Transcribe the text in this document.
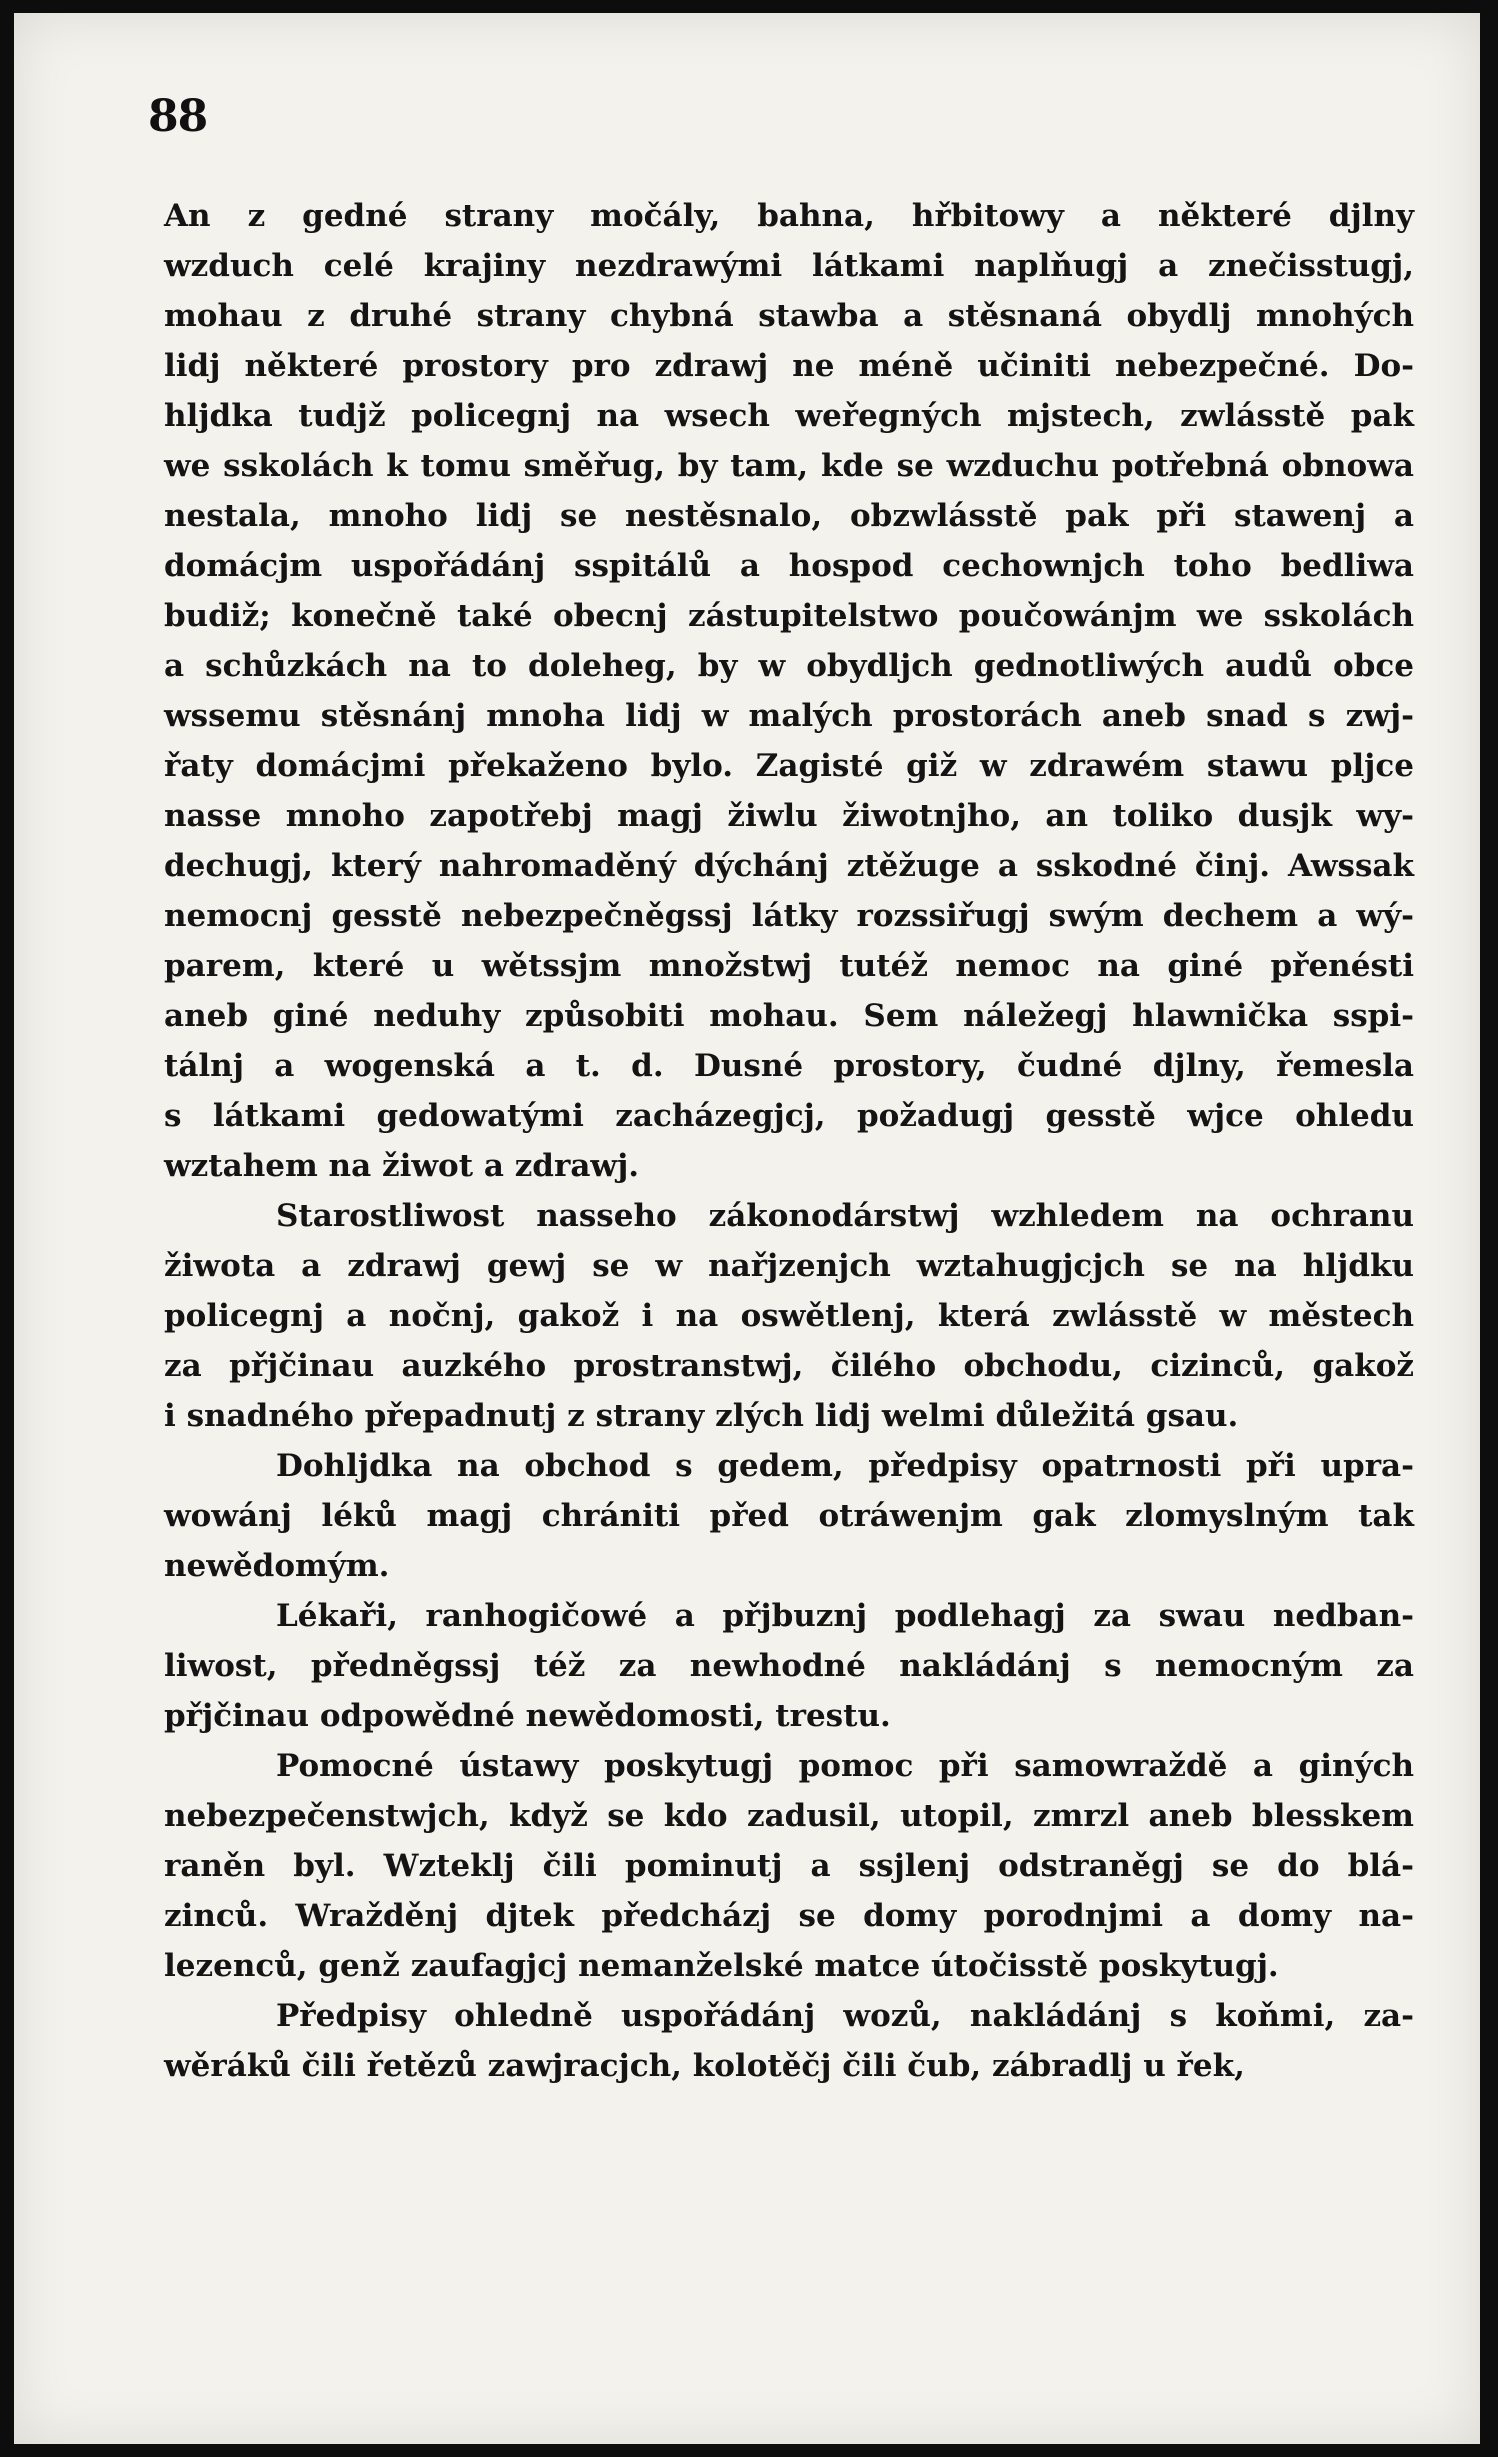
88
An z gedné strany močály, bahna, hřbitowy a některé dјlny
wzduch celé krajiny nezdrawými látkami naplňugj a znečisstugj,
mohau z druhé strany chybná stawba a stěsnaná obydlj mnohých
lidj některé prostory pro zdrawj ne méně učiniti nebezpečné. Do-
hljdka tudjž policegnj na wsech weřegných mjstech, zwlásstě pak
we sskolách k tomu směřug, by tam, kde se wzduchu potřebná obnowa
nestala, mnoho lidj se nestěsnalo, obzwlásstě pak při stawenj a
domácjm uspořádánj sspitálů a hospod cechownjch toho bedliwa
budiž; konečně také obecnj zástupitelstwo poučowánjm we sskolách
a schůzkách na to doleheg, by w obydljch gednotliwých audů obce
wssemu stěsnánj mnoha lidj w malých prostorách aneb snad s zwj-
řaty domácjmi překaženo bylo. Zagisté giž w zdrawém stawu pljce
nasse mnoho zapotřebj magj žiwlu žiwotnjho, an toliko dusjk wy-
dechugj, který nahromaděný dýchánj ztěžuge a sskodné činj. Awssak
nemocnj gesstě nebezpečněgssj látky rozssiřugj swým dechem a wý-
parem, které u wětssjm množstwj tutéž nemoc na giné přenésti
aneb giné neduhy způsobiti mohau. Sem náležegj hlawnička sspi-
tálnj a wogenská a t. d. Dusné prostory, čudné djlny, řemesla
s látkami gedowatými zacházegjcj, požadugj gesstě wjce ohledu
wztahem na žiwot a zdrawj.
Starostliwost nasseho zákonodárstwj wzhledem na ochranu
žiwota a zdrawj gewj se w nařjzenjch wztahugjcjch se na hljdku
policegnj a nočnj, gakož i na oswětlenj, která zwlásstě w městech
za přjčinau auzkého prostranstwj, čilého obchodu, cizinců, gakož
i snadného přepadnutj z strany zlých lidj welmi důležitá gsau.
Dohljdka na obchod s gedem, předpisy opatrnosti při upra-
wowánj léků magj chrániti před otráwenjm gak zlomyslným tak
newědomým.
Lékaři, ranhogičowé a přjbuznj podlehagj za swau nedban-
liwost, předněgssj též za newhodné nakládánj s nemocným za
přjčinau odpowědné newědomosti, trestu.
Pomocné ústawy poskytugj pomoc při samowraždě a giných
nebezpečenstwjch, když se kdo zadusil, utopil, zmrzl aneb blesskem
raněn byl. Wzteklj čili pominutj a ssjlenj odstraněgj se do blá-
zinců. Wražděnj djtek předcházj se domy porodnjmi a domy na-
lezenců, genž zaufagjcj nemanželské matce útočisstě poskytugj.
Předpisy ohledně uspořádánj wozů, nakládánj s koňmi, za-
wěráků čili řetězů zawjracjch, kolotěčj čili čub, zábradlj u řek,
